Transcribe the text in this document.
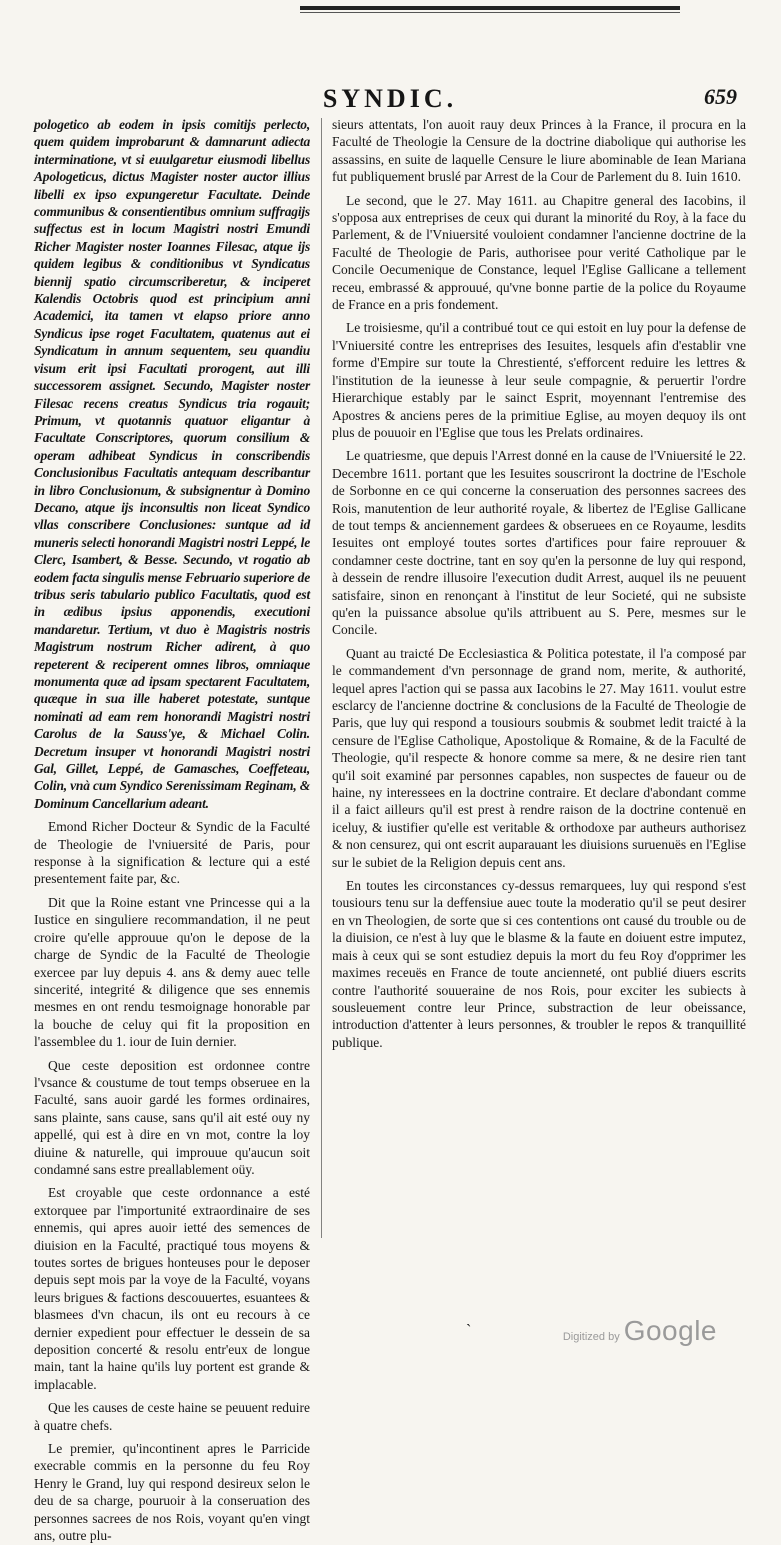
SYNDIC.	659

pologetico ab eodem in ipsis comitijs perlecto, quem quidem improbarunt & damnarunt adiecta interminatione, vt si euulgaretur eiusmodi libellus Apologeticus, dictus Magister noster auctor illius libelli ex ipso expungeretur Facultate. Deinde communibus & consentientibus omnium suffragijs suffectus est in locum Magistri nostri Emundi Richer Magister noster Ioannes Filesac, atque ijs quidem legibus & conditionibus vt Syndicatus biennij spatio circumscriberetur, & inciperet Kalendis Octobris quod est principium anni Academici, ita tamen vt elapso priore anno Syndicus ipse roget Facultatem, quatenus aut ei Syndicatum in annum sequentem, seu quandiu visum erit ipsi Facultati prorogent, aut illi successorem assignet. Secundo, Magister noster Filesac recens creatus Syndicus tria rogauit; Primum, vt quotannis quatuor eligantur à Facultate Conscriptores, quorum consilium & operam adhibeat Syndicus in conscribendis Conclusionibus Facultatis antequam describantur in libro Conclusionum, & subsignentur à Domino Decano, atque ijs inconsultis non liceat Syndico vllas conscribere Conclusiones: suntque ad id muneris selecti honorandi Magistri nostri Leppé, le Clerc, Isambert, & Besse. Secundo, vt rogatio ab eodem facta singulis mense Februario superiore de tribus seris tabulario publico Facultatis, quod est in ædibus ipsius apponendis, executioni mandaretur. Tertium, vt duo è Magistris nostris Magistrum nostrum Richer adirent, à quo repeterent & reciperent omnes libros, omniaque monumenta quæ ad ipsam spectarent Facultatem, quæque in sua ille haberet potestate, suntque nominati ad eam rem honorandi Magistri nostri Carolus de la Sauss'ye, & Michael Colin. Decretum insuper vt honorandi Magistri nostri Gal, Gillet, Leppé, de Gamasches, Coeffeteau, Colin, vnà cum Syndico Serenissimam Reginam, & Dominum Cancellarium adeant.

Emond Richer Docteur & Syndic de la Faculté de Theologie de l'vniuersité de Paris, pour response à la signification & lecture qui a esté presentement faite par, &c.

Dit que la Roine estant vne Princesse qui a la Iustice en singuliere recommandation, il ne peut croire qu'elle approuue qu'on le depose de la charge de Syndic de la Faculté de Theologie exercee par luy depuis 4. ans & demy auec telle sincerité, integrité & diligence que ses ennemis mesmes en ont rendu tesmoignage honorable par la bouche de celuy qui fit la proposition en l'assemblee du 1. iour de Iuin dernier.

Que ceste deposition est ordonnee contre l'vsance & coustume de tout temps obseruee en la Faculté, sans auoir gardé les formes ordinaires, sans plainte, sans cause, sans qu'il ait esté ouy ny appellé, qui est à dire en vn mot, contre la loy diuine & naturelle, qui improuue qu'aucun soit condamné sans estre preallablement oüy.

Est croyable que ceste ordonnance a esté extorquee par l'importunité extraordinaire de ses ennemis, qui apres auoir ietté des semences de diuision en la Faculté, practiqué tous moyens & toutes sortes de brigues honteuses pour le deposer depuis sept mois par la voye de la Faculté, voyans leurs brigues & factions descouuertes, esuantees & blasmees d'vn chacun, ils ont eu recours à ce dernier expedient pour effectuer le dessein de sa deposition concerté & resolu entr'eux de longue main, tant la haine qu'ils luy portent est grande & implacable.

Que les causes de ceste haine se peuuent reduire à quatre chefs.

Le premier, qu'incontinent apres le Parricide execrable commis en la personne du feu Roy Henry le Grand, luy qui respond desireux selon le deu de sa charge, pouruoir à la conseruation des personnes sacrees de nos Rois, voyant qu'en vingt ans, outre plu-

sieurs attentats, l'on auoit rauy deux Princes à la France, il procura en la Faculté de Theologie la Censure de la doctrine diabolique qui authorise les assassins, en suite de laquelle Censure le liure abominable de Iean Mariana fut publiquement bruslé par Arrest de la Cour de Parlement du 8. Iuin 1610.

Le second, que le 27. May 1611. au Chapitre general des Iacobins, il s'opposa aux entreprises de ceux qui durant la minorité du Roy, à la face du Parlement, & de l'Vniuersité vouloient condamner l'ancienne doctrine de la Faculté de Theologie de Paris, authorisee pour verité Catholique par le Concile Oecumenique de Constance, lequel l'Eglise Gallicane a tellement receu, embrassé & approuué, qu'vne bonne partie de la police du Royaume de France en a pris fondement.

Le troisiesme, qu'il a contribué tout ce qui estoit en luy pour la defense de l'Vniuersité contre les entreprises des Iesuites, lesquels afin d'establir vne forme d'Empire sur toute la Chrestienté, s'efforcent reduire les lettres & l'institution de la ieunesse à leur seule compagnie, & peruertir l'ordre Hierarchique estably par le sainct Esprit, moyennant l'entremise des Apostres & anciens peres de la primitiue Eglise, au moyen dequoy ils ont plus de pouuoir en l'Eglise que tous les Prelats ordinaires.

Le quatriesme, que depuis l'Arrest donné en la cause de l'Vniuersité le 22. Decembre 1611. portant que les Iesuites souscriront la doctrine de l'Eschole de Sorbonne en ce qui concerne la conseruation des personnes sacrees des Rois, manutention de leur authorité royale, & libertez de l'Eglise Gallicane de tout temps & anciennement gardees & obseruees en ce Royaume, lesdits Iesuites ont employé toutes sortes d'artifices pour faire reprouuer & condamner ceste doctrine, tant en soy qu'en la personne de luy qui respond, à dessein de rendre illusoire l'execution dudit Arrest, auquel ils ne peuuent satisfaire, sinon en renonçant à l'institut de leur Societé, qui ne subsiste qu'en la puissance absolue qu'ils attribuent au S. Pere, mesmes sur le Concile.

Quant au traicté De Ecclesiastica & Politica potestate, il l'a composé par le commandement d'vn personnage de grand nom, merite, & authorité, lequel apres l'action qui se passa aux Iacobins le 27. May 1611. voulut estre esclarcy de l'ancienne doctrine & conclusions de la Faculté de Theologie de Paris, que luy qui respond a tousiours soubmis & soubmet ledit traicté à la censure de l'Eglise Catholique, Apostolique & Romaine, & de la Faculté de Theologie, qu'il respecte & honore comme sa mere, & ne desire rien tant qu'il soit examiné par personnes capables, non suspectes de faueur ou de haine, ny interessees en la doctrine contraire. Et declare d'abondant comme il a faict ailleurs qu'il est prest à rendre raison de la doctrine contenuë en iceluy, & iustifier qu'elle est veritable & orthodoxe par autheurs authorisez & non censurez, qui ont escrit auparauant les diuisions suruenuës en l'Eglise sur le subiet de la Religion depuis cent ans.

En toutes les circonstances cy-dessus remarquees, luy qui respond s'est tousiours tenu sur la deffensiue auec toute la moderatio qu'il se peut desirer en vn Theologien, de sorte que si ces contentions ont causé du trouble ou de la diuision, ce n'est à luy que le blasme & la faute en doiuent estre imputez, mais à ceux qui se sont estudiez depuis la mort du feu Roy d'opprimer les maximes receuës en France de toute ancienneté, ont publié diuers escrits contre l'authorité souueraine de nos Rois, pour exciter les subiects à sousleuement contre leur Prince, substraction de leur obeissance, introduction d'attenter à leurs personnes, & troubler le repos & tranquillité publique.

`	Digitized by Google
